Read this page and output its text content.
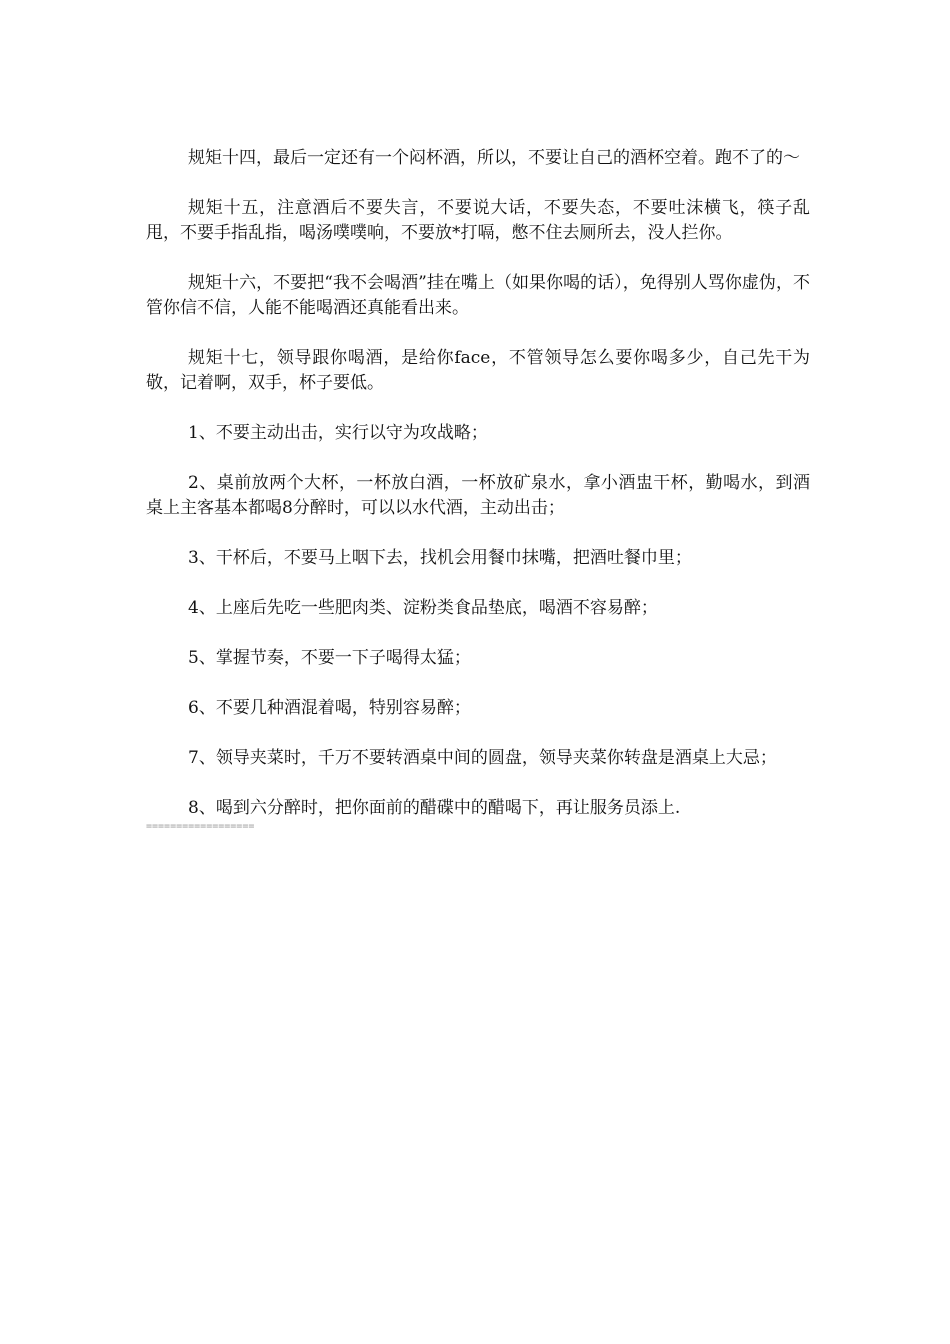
规矩十四，最后一定还有一个闷杯酒，所以，不要让自己的酒杯空着。跑不了的～

规矩十五，注意酒后不要失言，不要说大话，不要失态，不要吐沫横飞，筷子乱甩，不要手指乱指，喝汤噗噗响，不要放*打嗝，憋不住去厕所去，没人拦你。

规矩十六，不要把“我不会喝酒”挂在嘴上（如果你喝的话），免得别人骂你虚伪，不管你信不信，人能不能喝酒还真能看出来。

规矩十七，领导跟你喝酒，是给你face，不管领导怎么要你喝多少，自己先干为敬，记着啊，双手，杯子要低。

1、不要主动出击，实行以守为攻战略；

2、桌前放两个大杯，一杯放白酒，一杯放矿泉水，拿小酒盅干杯，勤喝水，到酒桌上主客基本都喝8分醉时，可以以水代酒，主动出击；

3、干杯后，不要马上咽下去，找机会用餐巾抹嘴，把酒吐餐巾里；

4、上座后先吃一些肥肉类、淀粉类食品垫底，喝酒不容易醉；

5、掌握节奏，不要一下子喝得太猛；

6、不要几种酒混着喝，特别容易醉；

7、领导夹菜时，千万不要转酒桌中间的圆盘，领导夹菜你转盘是酒桌上大忌；

8、喝到六分醉时，把你面前的醋碟中的醋喝下，再让服务员添上.

==================
